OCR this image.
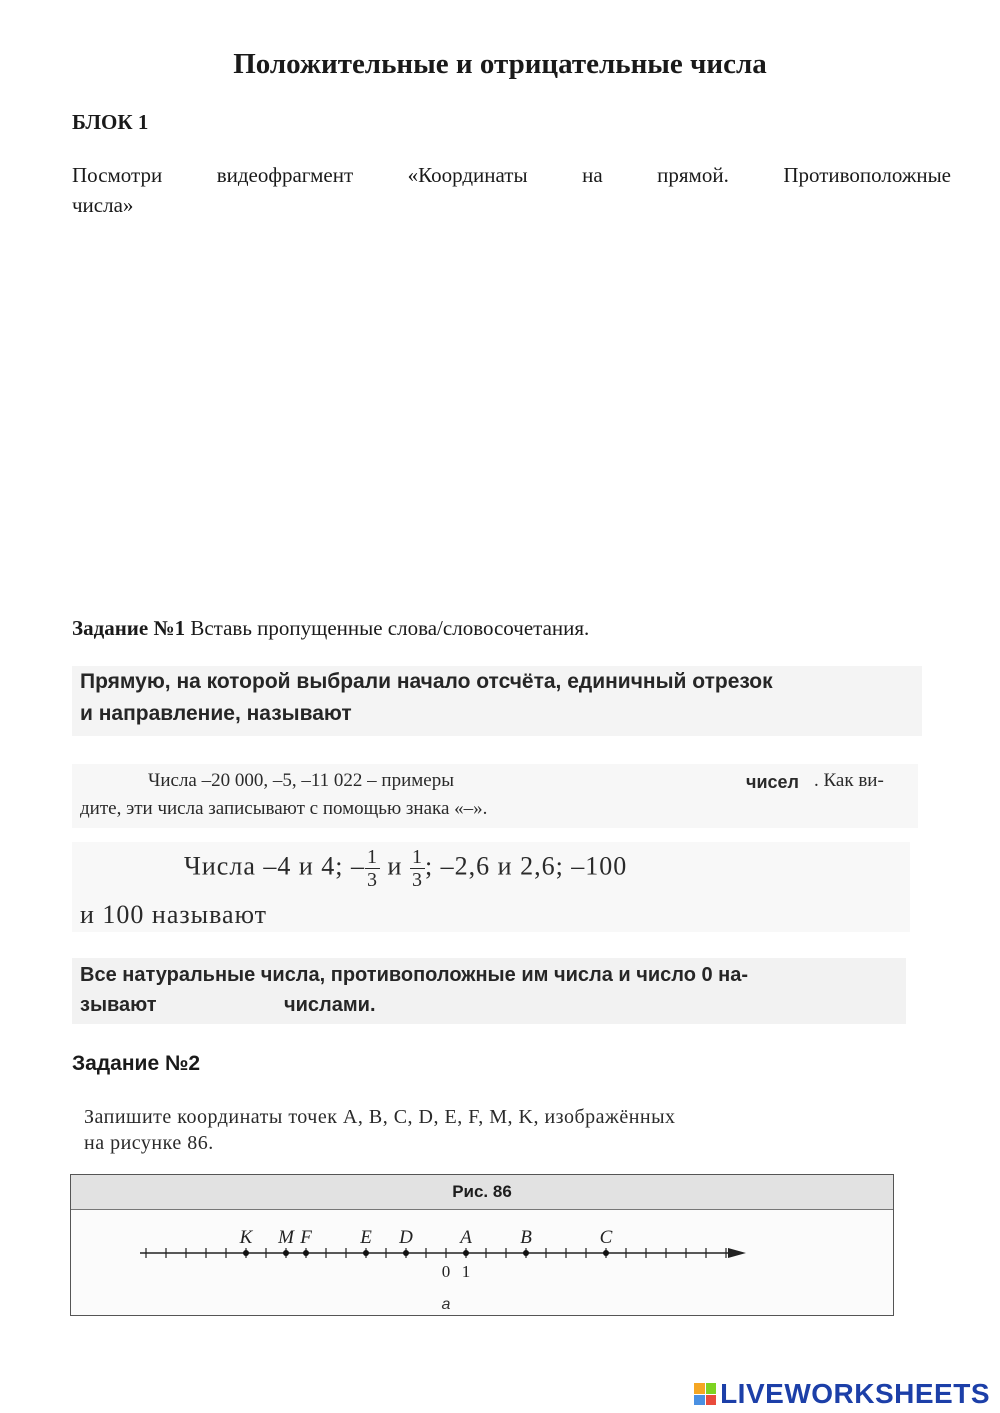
Положительные и отрицательные числа
БЛОК 1
Посмотри	видеофрагмент	«Координаты	на	прямой.	Противоположные
числа»
Задание №1 Вставь пропущенные слова/словосочетания.
Прямую, на которой выбрали начало отсчёта, единичный отрезок
и направление, называют
Числа –20 000, –5, –11 022 – примеры	чисел . Как ви-
дите, эти числа записывают с помощью знака «–».
Числа –4 и 4; – $\frac{1}{3}$ и $\frac{1}{3}$ ; –2,6 и 2,6; –100
и 100 называют
Все натуральные числа, противоположные им числа и число 0 на-
зывают	числами.
Задание №2
Запишите координаты точек A, B, C, D, E, F, M, K, изображённых
на рисунке 86.
Рис. 86
0 1
K M F	E D A	B	C
а
LIVEWORKSHEETS
